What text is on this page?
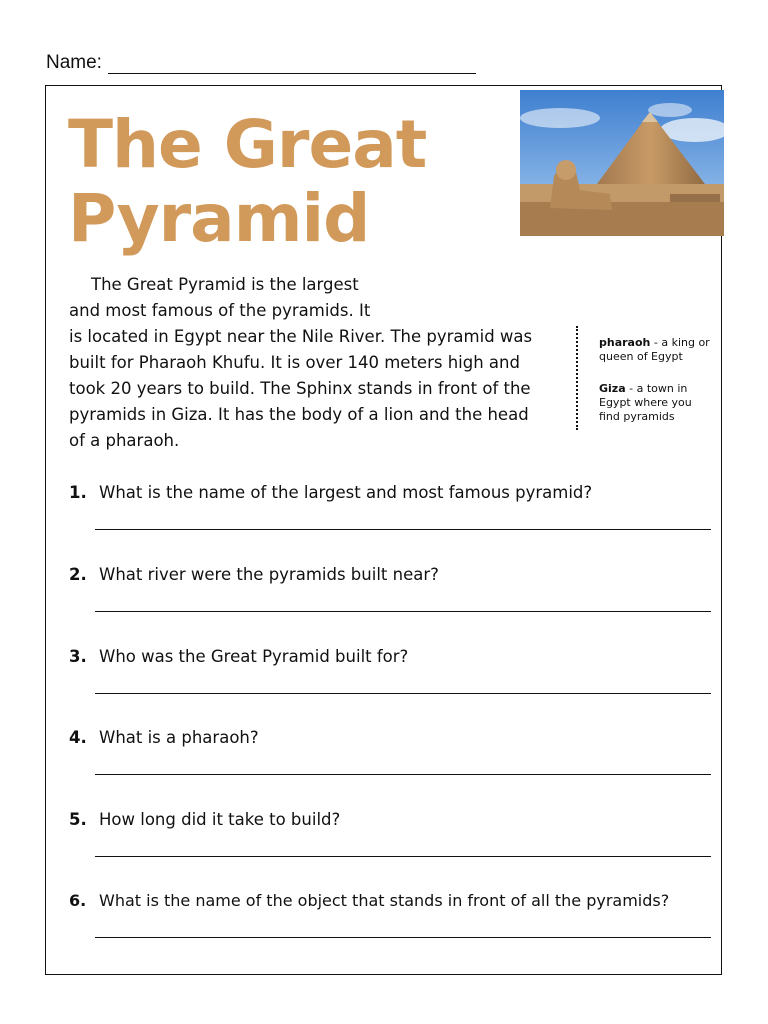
Name:
The Great
Pyramid

The Great Pyramid is the largest
and most famous of the pyramids. It
is located in Egypt near the Nile River. The pyramid was
built for Pharaoh Khufu. It is over 140 meters high and
took 20 years to build. The Sphinx stands in front of the
pyramids in Giza. It has the body of a lion and the head
of a pharaoh.

pharaoh - a king or queen of Egypt
Giza - a town in Egypt where you find pyramids
1. What is the name of the largest and most famous pyramid?
2. What river were the pyramids built near?
3. Who was the Great Pyramid built for?
4. What is a pharaoh?
5. How long did it take to build?
6. What is the name of the object that stands in front of all the pyramids?
